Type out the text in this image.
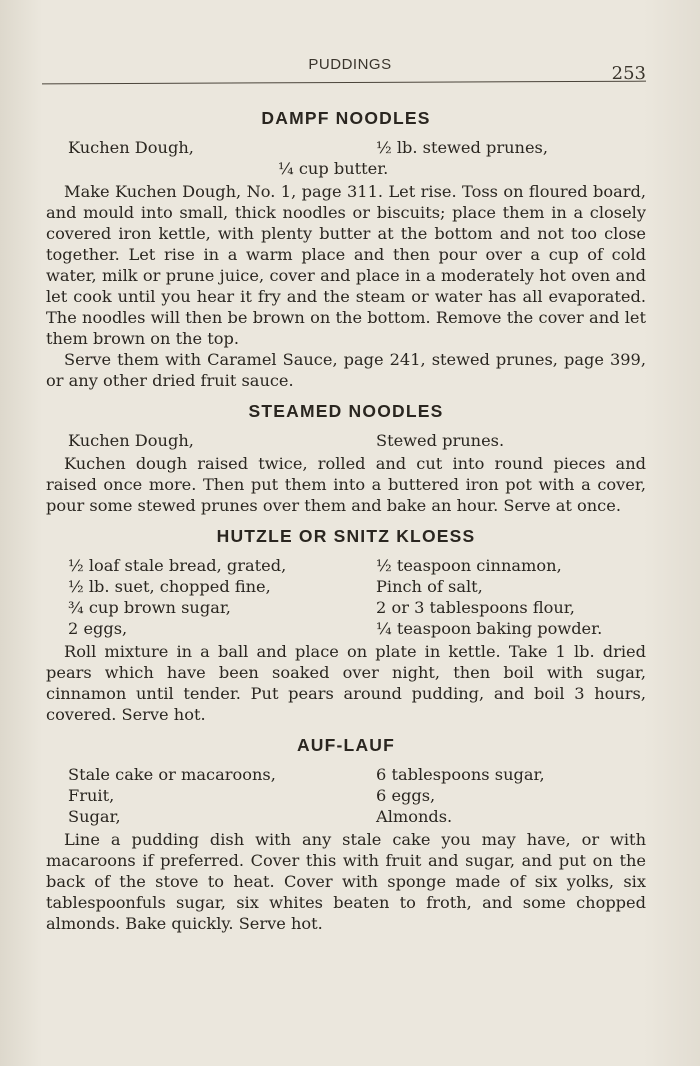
PUDDINGS	253
DAMPF NOODLES
Kuchen Dough,	½ lb. stewed prunes,
¼ cup butter.

Make Kuchen Dough, No. 1, page 311. Let rise. Toss on floured board, and mould into small, thick noodles or biscuits; place them in a closely covered iron kettle, with plenty butter at the bottom and not too close together. Let rise in a warm place and then pour over a cup of cold water, milk or prune juice, cover and place in a moderately hot oven and let cook until you hear it fry and the steam or water has all evaporated. The noodles will then be brown on the bottom. Remove the cover and let them brown on the top.

Serve them with Caramel Sauce, page 241, stewed prunes, page 399, or any other dried fruit sauce.

STEAMED NOODLES
Kuchen Dough,	Stewed prunes.

Kuchen dough raised twice, rolled and cut into round pieces and raised once more. Then put them into a buttered iron pot with a cover, pour some stewed prunes over them and bake an hour. Serve at once.

HUTZLE OR SNITZ KLOESS
½ loaf stale bread, grated,	½ teaspoon cinnamon,
½ lb. suet, chopped fine,	Pinch of salt,
¾ cup brown sugar,	2 or 3 tablespoons flour,
2 eggs,	¼ teaspoon baking powder.

Roll mixture in a ball and place on plate in kettle. Take 1 lb. dried pears which have been soaked over night, then boil with sugar, cinnamon until tender. Put pears around pudding, and boil 3 hours, covered. Serve hot.

AUF-LAUF
Stale cake or macaroons,	6 tablespoons sugar,
Fruit,	6 eggs,
Sugar,	Almonds.

Line a pudding dish with any stale cake you may have, or with macaroons if preferred. Cover this with fruit and sugar, and put on the back of the stove to heat. Cover with sponge made of six yolks, six tablespoonfuls sugar, six whites beaten to froth, and some chopped almonds. Bake quickly. Serve hot.
